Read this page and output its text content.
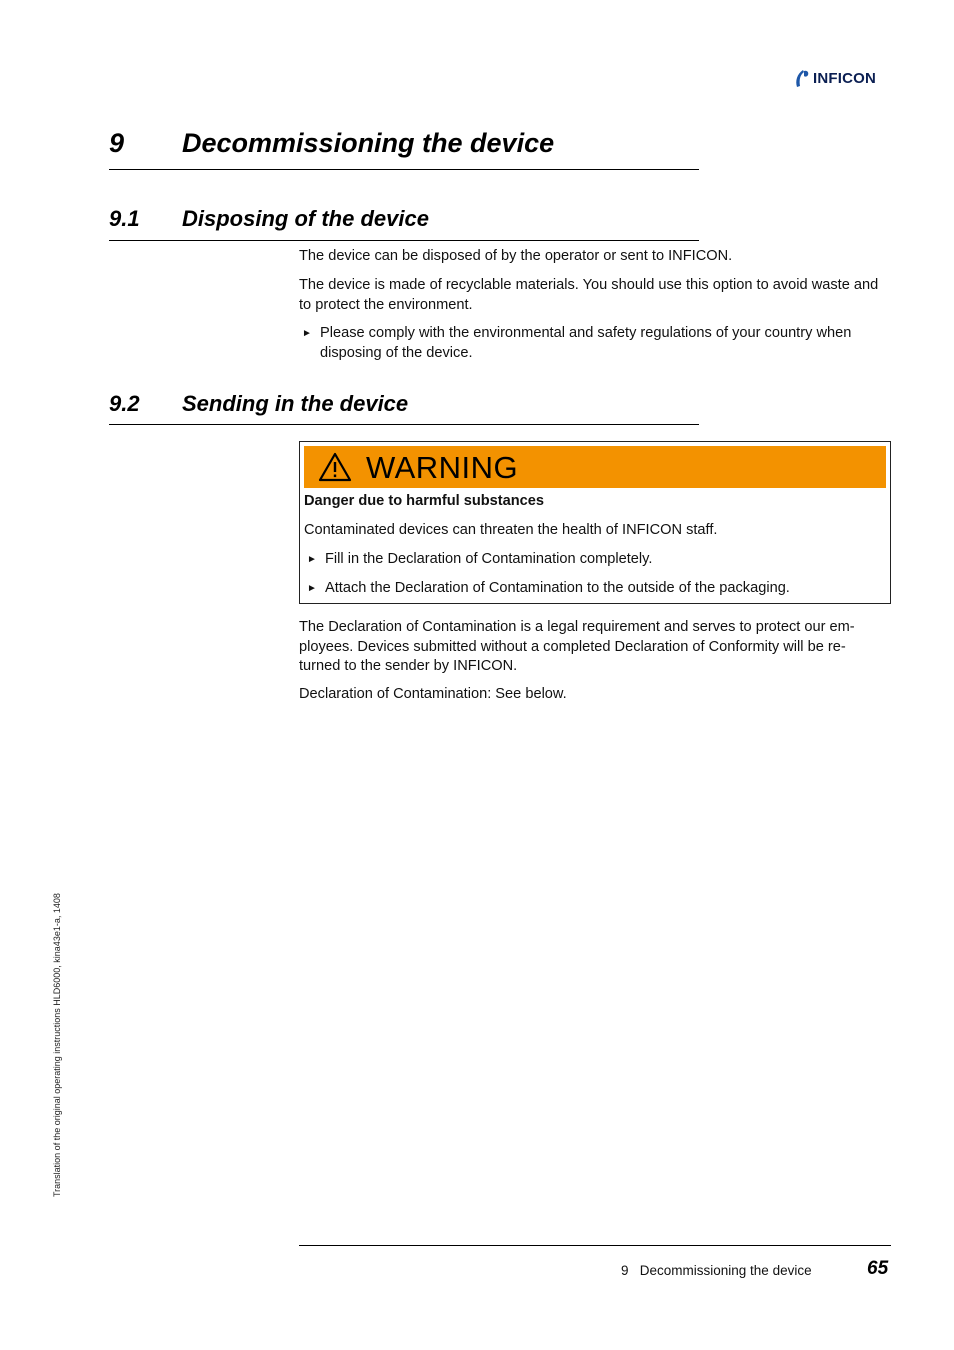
INFICON
9 Decommissioning the device
9.1 Disposing of the device

The device can be disposed of by the operator or sent to INFICON.

The device is made of recyclable materials. You should use this option to avoid waste and to protect the environment.

► Please comply with the environmental and safety regulations of your country when disposing of the device.
9.2 Sending in the device
WARNING
Danger due to harmful substances
Contaminated devices can threaten the health of INFICON staff.
► Fill in the Declaration of Contamination completely.
► Attach the Declaration of Contamination to the outside of the packaging.

The Declaration of Contamination is a legal requirement and serves to protect our employees. Devices submitted without a completed Declaration of Conformity will be returned to the sender by INFICON.

Declaration of Contamination: See below.

Translation of the original operating instructions HLD6000, kina43e1-a, 1408
9   Decommissioning the device	65
